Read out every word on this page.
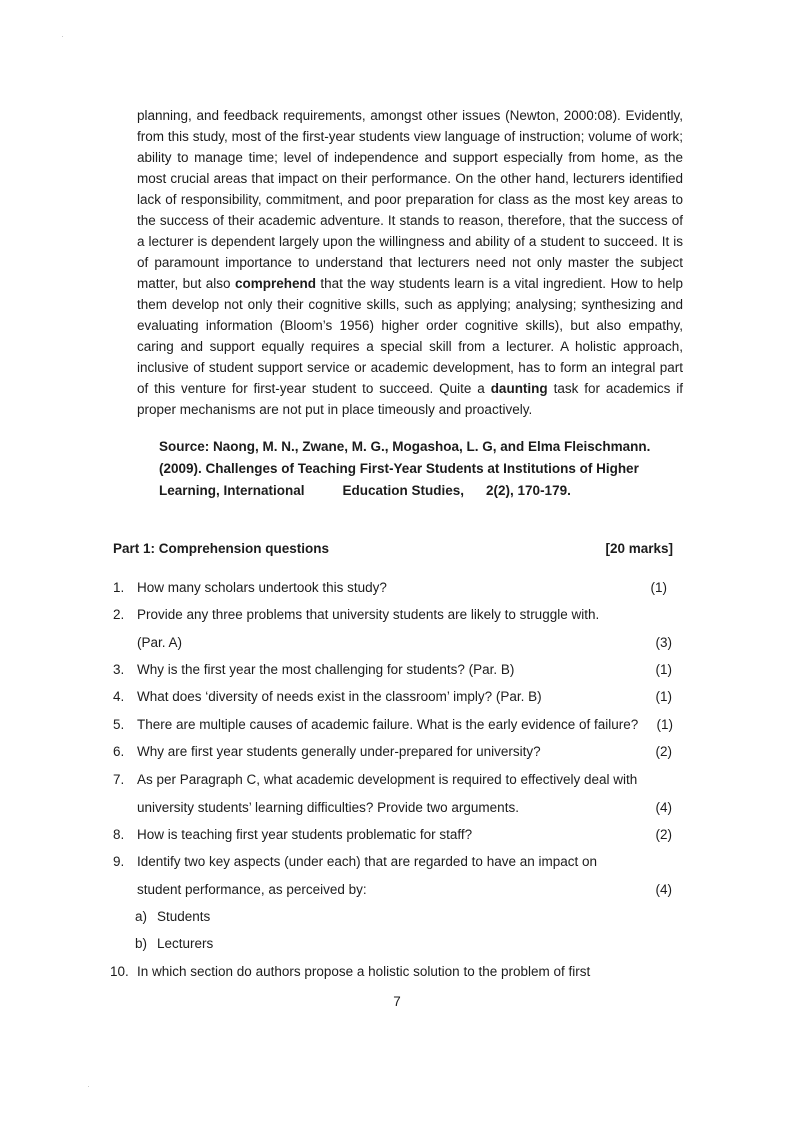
planning, and feedback requirements, amongst other issues (Newton, 2000:08). Evidently, from this study, most of the first-year students view language of instruction; volume of work; ability to manage time; level of independence and support especially from home, as the most crucial areas that impact on their performance. On the other hand, lecturers identified lack of responsibility, commitment, and poor preparation for class as the most key areas to the success of their academic adventure. It stands to reason, therefore, that the success of a lecturer is dependent largely upon the willingness and ability of a student to succeed. It is of paramount importance to understand that lecturers need not only master the subject matter, but also comprehend that the way students learn is a vital ingredient. How to help them develop not only their cognitive skills, such as applying; analysing; synthesizing and evaluating information (Bloom’s 1956) higher order cognitive skills), but also empathy, caring and support equally requires a special skill from a lecturer. A holistic approach, inclusive of student support service or academic development, has to form an integral part of this venture for first-year student to succeed. Quite a daunting task for academics if proper mechanisms are not put in place timeously and proactively.

Source: Naong, M. N., Zwane, M. G., Mogashoa, L. G, and Elma Fleischmann.
(2009). Challenges of Teaching First-Year Students at Institutions of Higher
Learning, International	Education Studies, 2(2), 170-179.
Part 1: Comprehension questions	[20 marks]
1. How many scholars undertook this study?	(1)
2. Provide any three problems that university students are likely to struggle with.
(Par. A)	(3)
3. Why is the first year the most challenging for students? (Par. B)	(1)
4. What does ‘diversity of needs exist in the classroom’ imply? (Par. B)	(1)
5. There are multiple causes of academic failure. What is the early evidence of failure? (1)
6. Why are first year students generally under-prepared for university?	(2)
7. As per Paragraph C, what academic development is required to effectively deal with
university students’ learning difficulties? Provide two arguments.	(4)
8. How is teaching first year students problematic for staff?	(2)
9. Identify two key aspects (under each) that are regarded to have an impact on
student performance, as perceived by:	(4)
a) Students
b) Lecturers
10. In which section do authors propose a holistic solution to the problem of first
7
